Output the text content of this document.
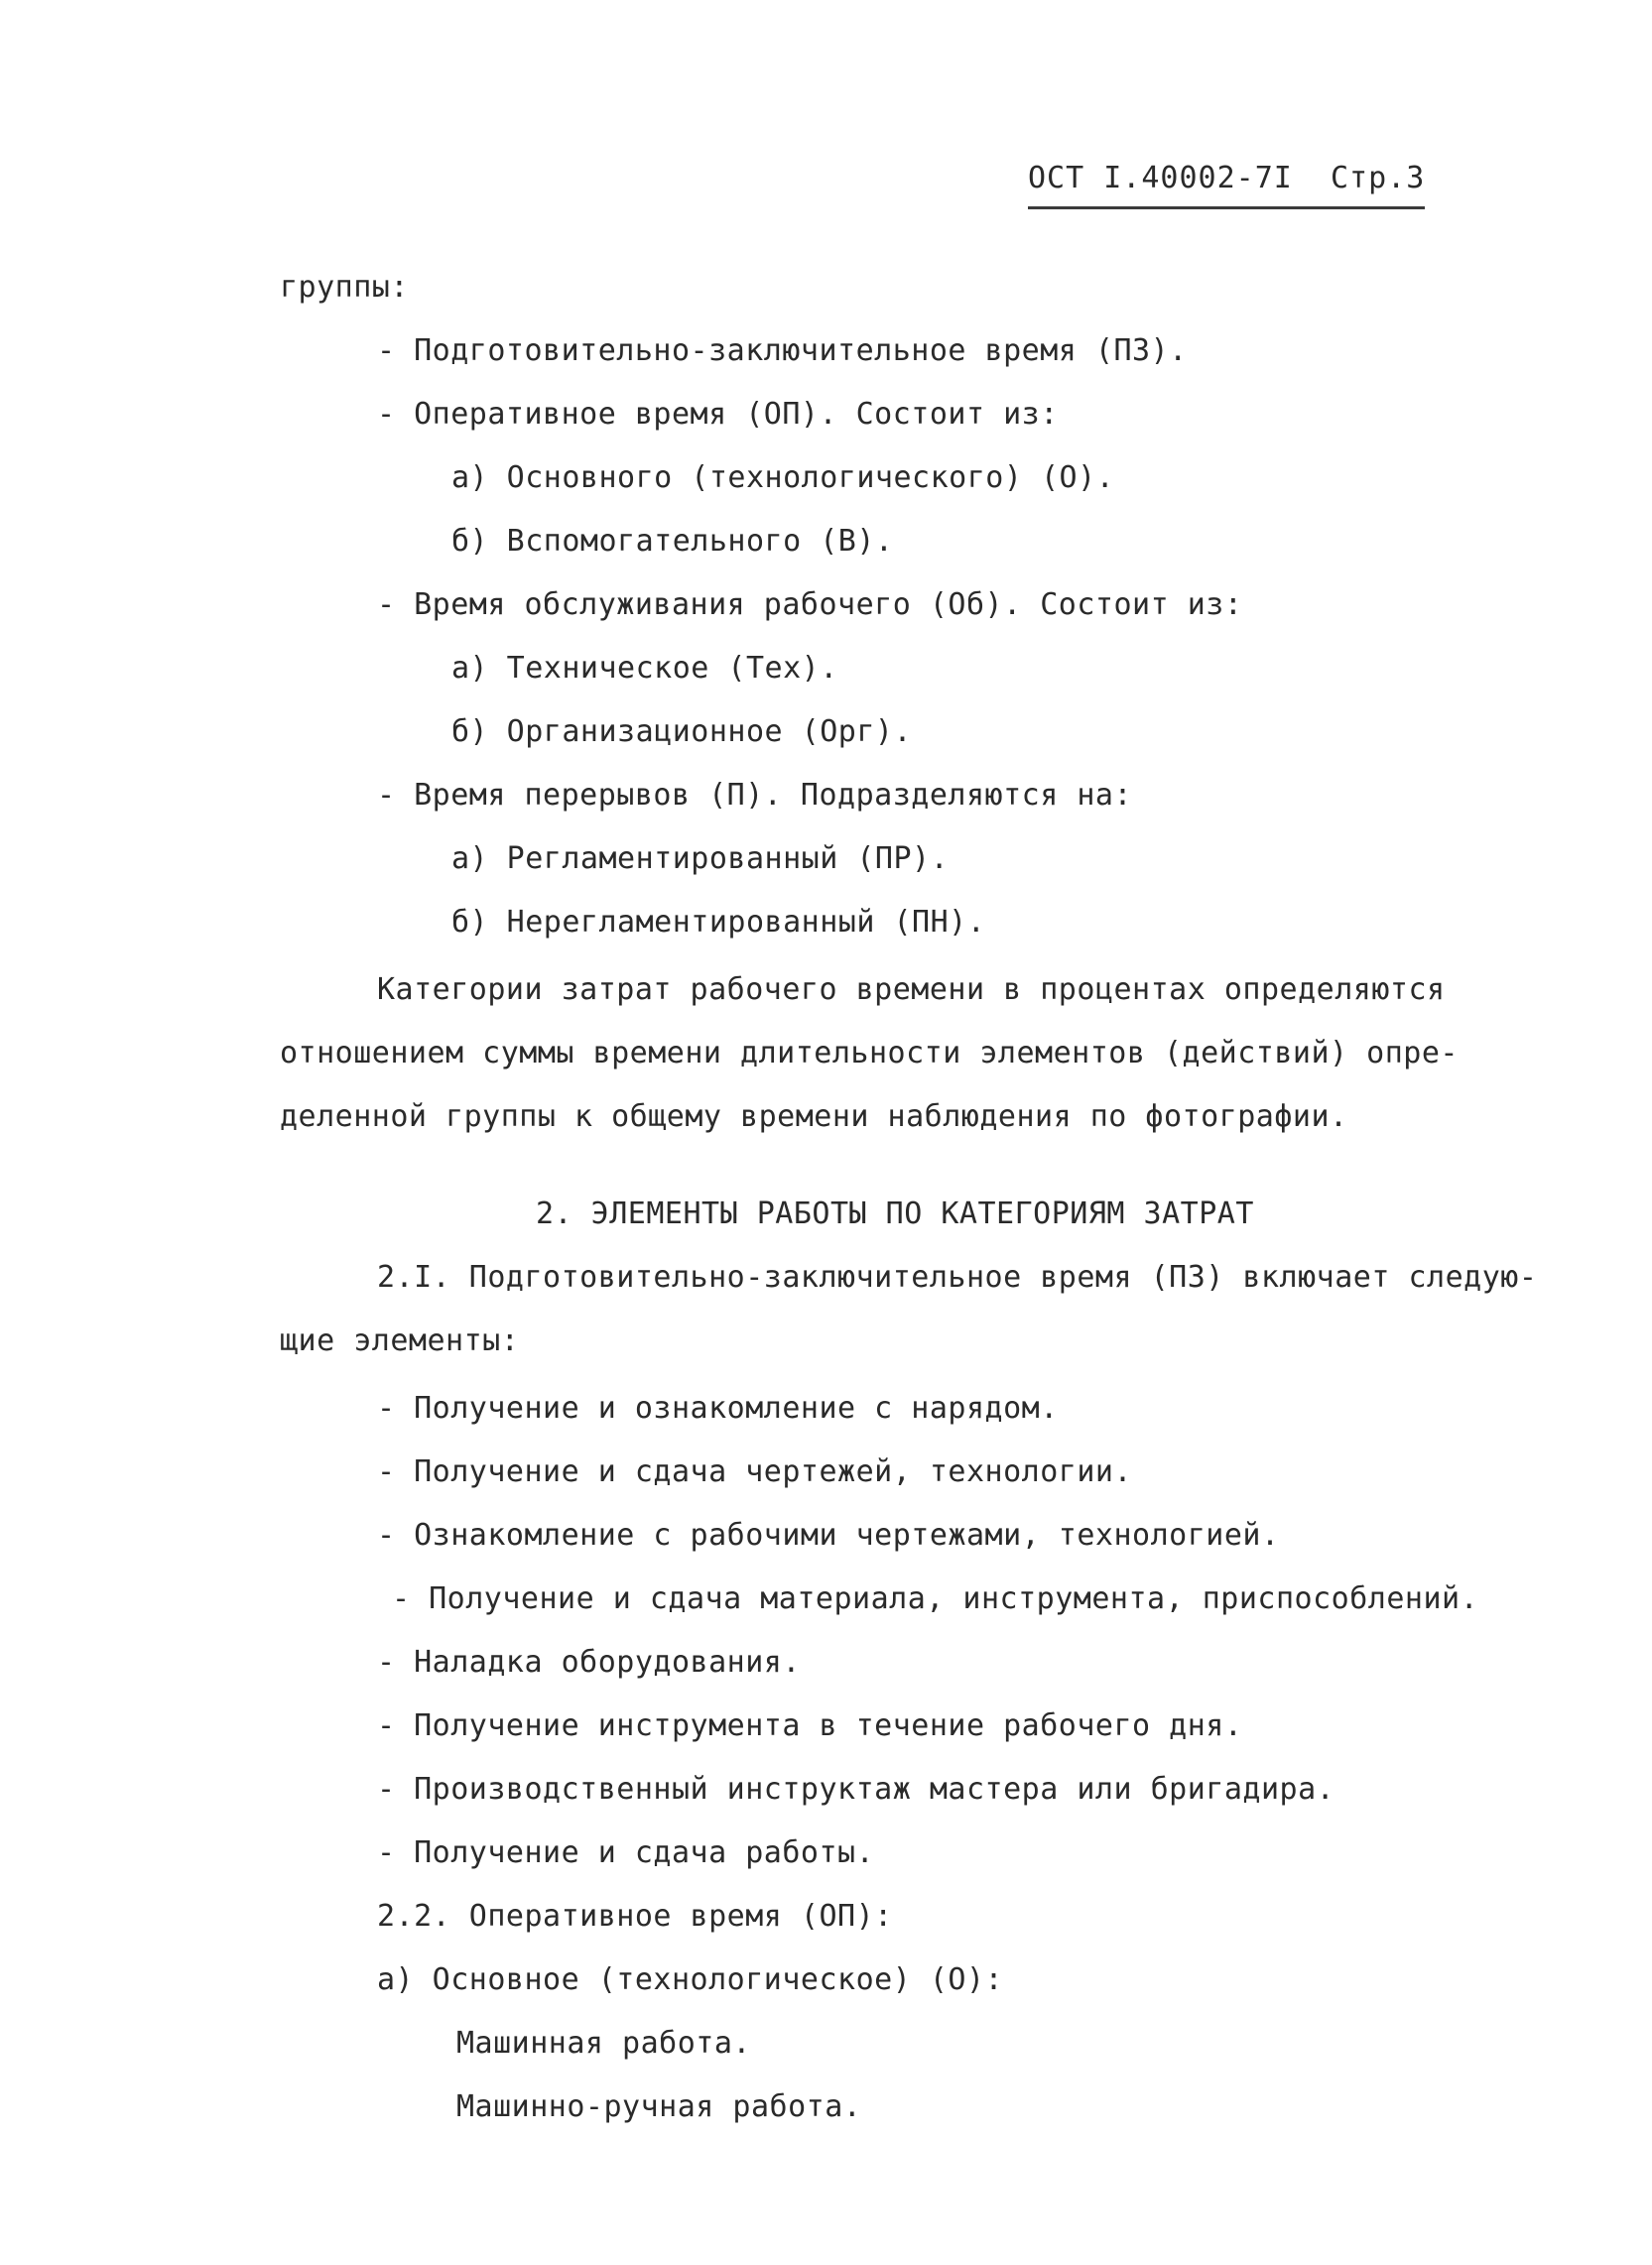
ОСТ I.40002-7I Стр.3
группы:
- Подготовительно-заключительное время (ПЗ).
- Оперативное время (ОП). Состоит из:
а) Основного (технологического) (О).
б) Вспомогательного (В).
- Время обслуживания рабочего (Об). Состоит из:
а) Техническое (Тех).
б) Организационное (Орг).
- Время перерывов (П). Подразделяются на:
а) Регламентированный (ПР).
б) Нерегламентированный (ПН).
Категории затрат рабочего времени в процентах определяются
отношением суммы времени длительности элементов (действий) опре-
деленной группы к общему времени наблюдения по фотографии.
2. ЭЛЕМЕНТЫ РАБОТЫ ПО КАТЕГОРИЯМ ЗАТРАТ
2.I. Подготовительно-заключительное время (ПЗ) включает следую-
щие элементы:
- Получение и ознакомление с нарядом.
- Получение и сдача чертежей, технологии.
- Ознакомление с рабочими чертежами, технологией.
- Получение и сдача материала, инструмента, приспособлений.
- Наладка оборудования.
- Получение инструмента в течение рабочего дня.
- Производственный инструктаж мастера или бригадира.
- Получение и сдача работы.
2.2. Оперативное время (ОП):
а) Основное (технологическое) (О):
Машинная работа.
Машинно-ручная работа.
